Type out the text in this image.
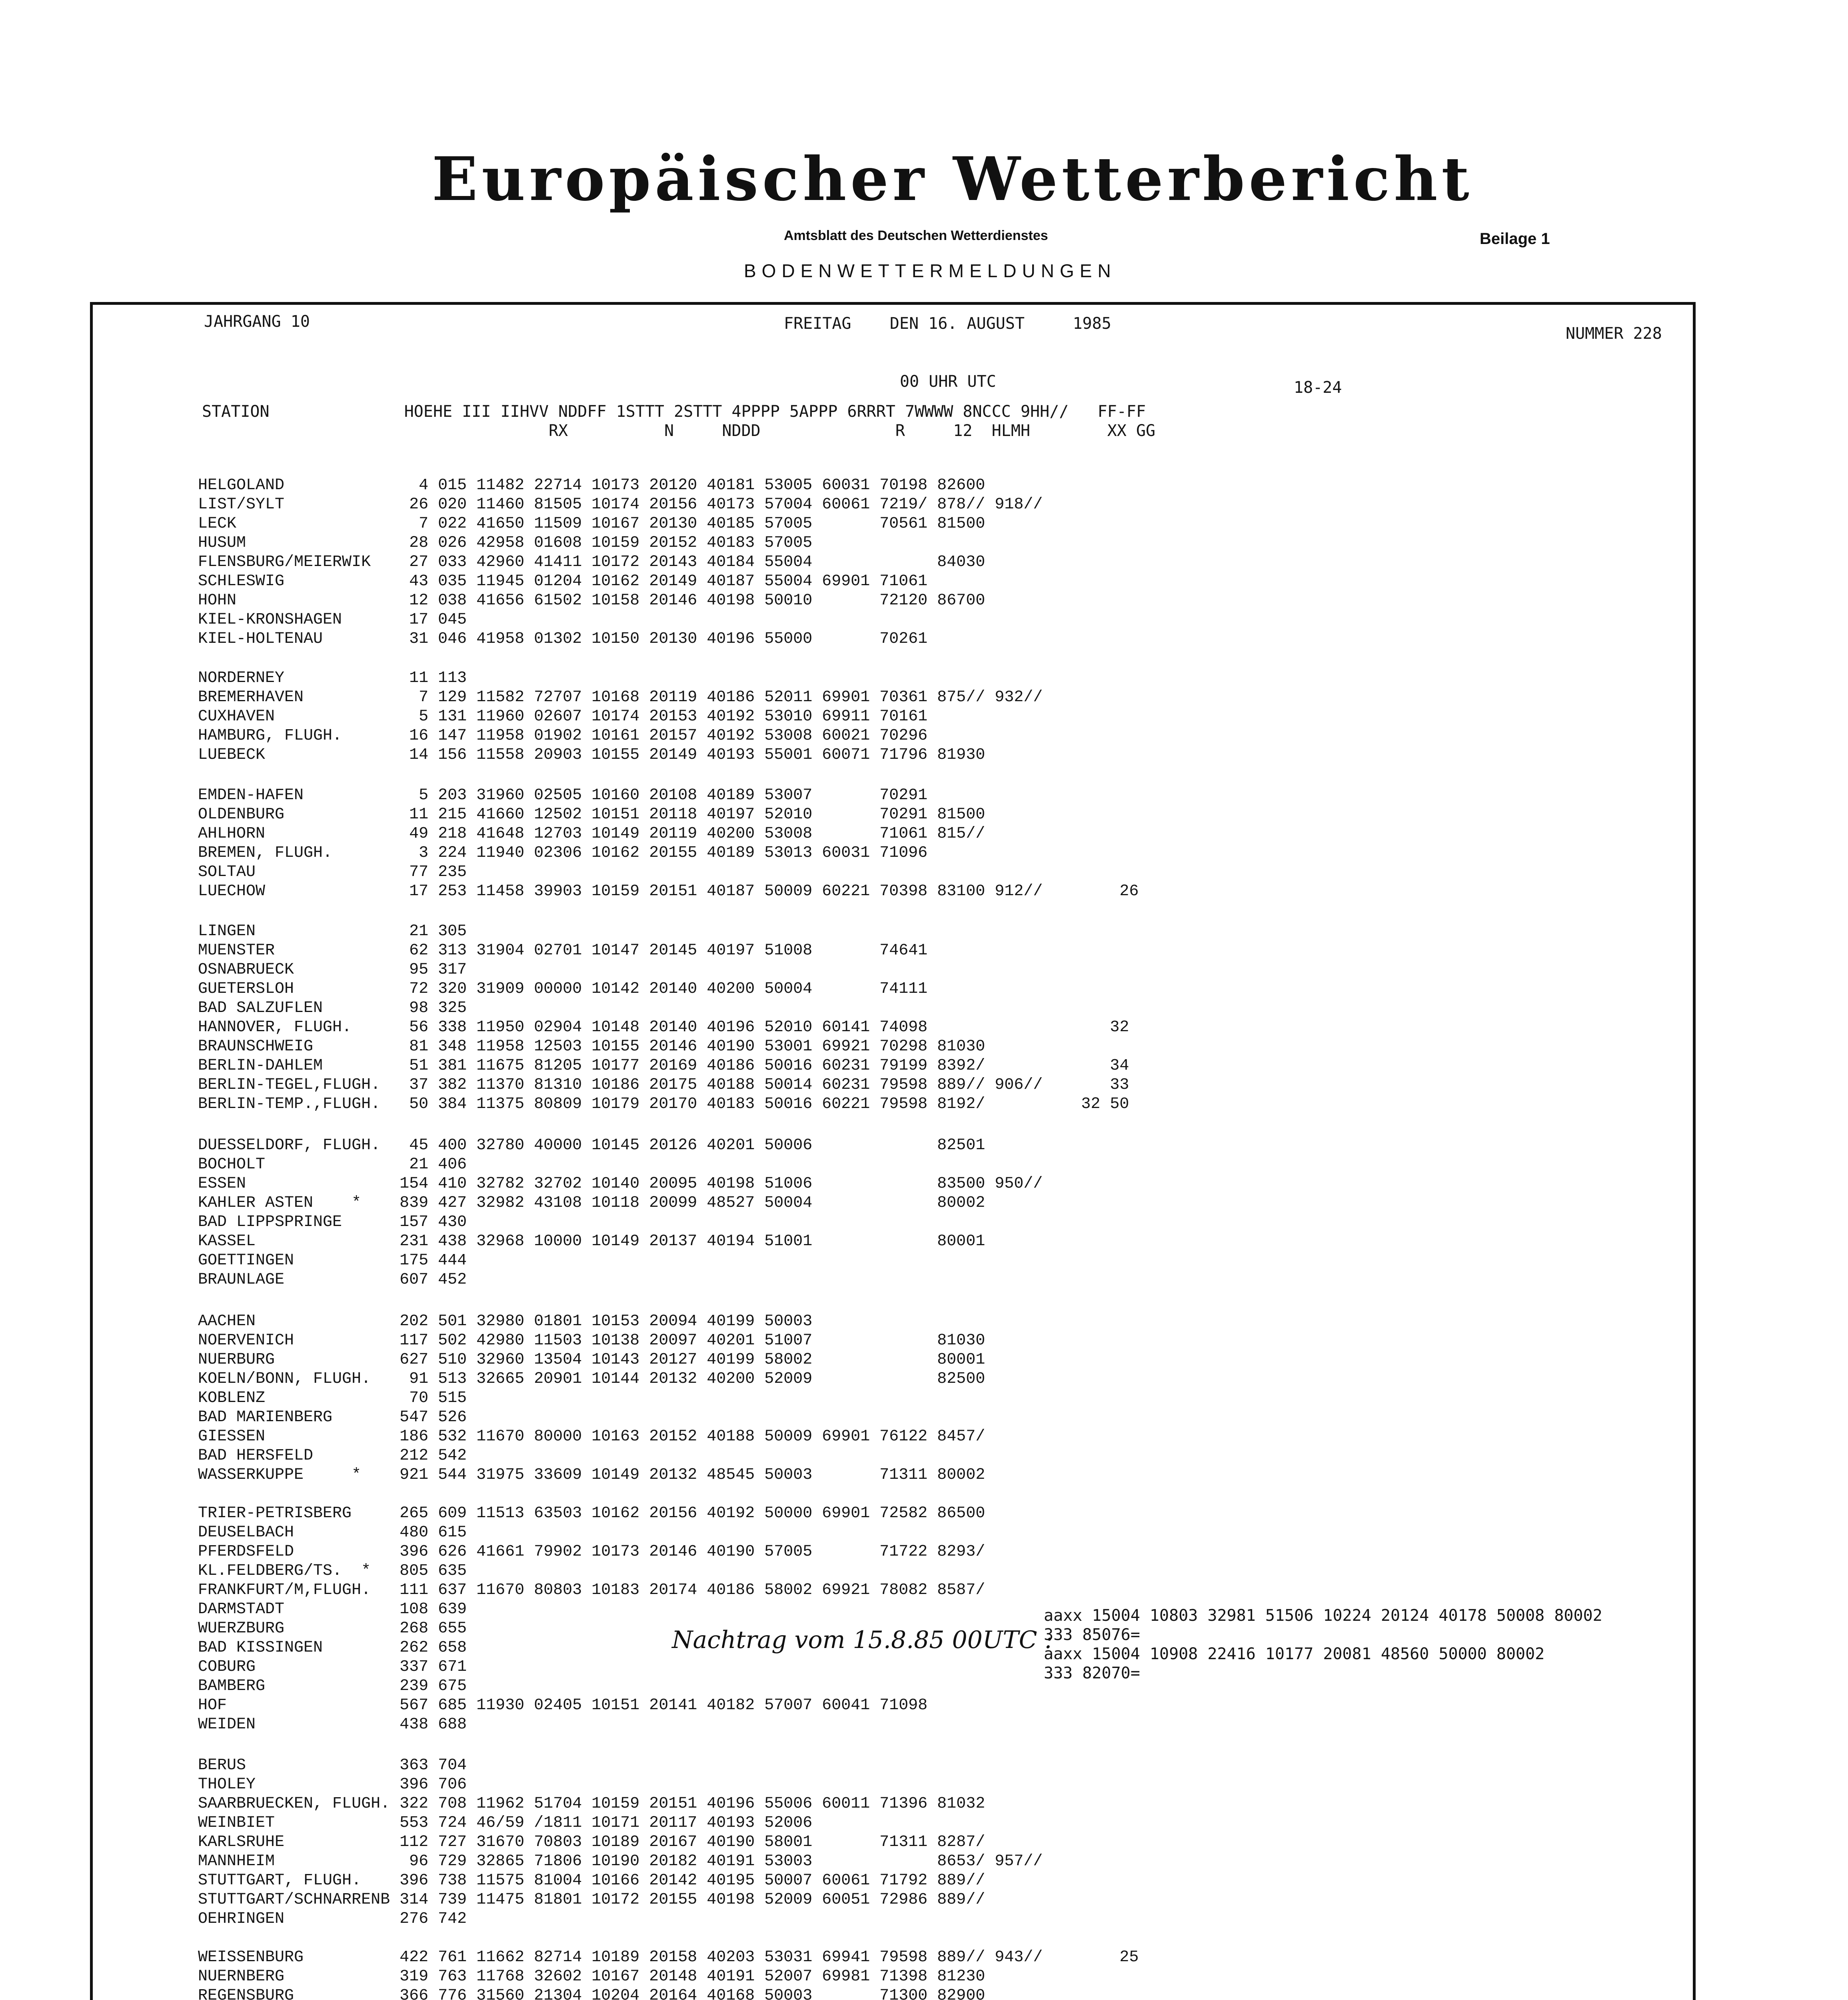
Europäischer Wetterbericht
Amtsblatt des Deutschen Wetterdienstes	Beilage 1
BODENWETTERMELDUNGEN
JAHRGANG 10	FREITAG    DEN 16. AUGUST     1985
NUMMER 228
00 UHR UTC	18-24
STATION              HOEHE III IIHVV NDDFF 1STTT 2STTT 4PPPP 5APPP 6RRRT 7WWWW 8NCCC 9HH//   FF-FF
RX          N     NDDD              R     12  HLMH        XX GG

HELGOLAND              4 015 11482 22714 10173 20120 40181 53005 60031 70198 82600
LIST/SYLT             26 020 11460 81505 10174 20156 40173 57004 60061 7219/ 878// 918//
LECK                   7 022 41650 11509 10167 20130 40185 57005       70561 81500
HUSUM                 28 026 42958 01608 10159 20152 40183 57005
FLENSBURG/MEIERWIK    27 033 42960 41411 10172 20143 40184 55004             84030
SCHLESWIG             43 035 11945 01204 10162 20149 40187 55004 69901 71061
HOHN                  12 038 41656 61502 10158 20146 40198 50010       72120 86700
KIEL-KRONSHAGEN       17 045
KIEL-HOLTENAU         31 046 41958 01302 10150 20130 40196 55000       70261

NORDERNEY             11 113
BREMERHAVEN            7 129 11582 72707 10168 20119 40186 52011 69901 70361 875// 932//
CUXHAVEN               5 131 11960 02607 10174 20153 40192 53010 69911 70161
HAMBURG, FLUGH.       16 147 11958 01902 10161 20157 40192 53008 60021 70296
LUEBECK               14 156 11558 20903 10155 20149 40193 55001 60071 71796 81930

EMDEN-HAFEN            5 203 31960 02505 10160 20108 40189 53007       70291
OLDENBURG             11 215 41660 12502 10151 20118 40197 52010       70291 81500
AHLHORN               49 218 41648 12703 10149 20119 40200 53008       71061 815//
BREMEN, FLUGH.         3 224 11940 02306 10162 20155 40189 53013 60031 71096
SOLTAU                77 235
LUECHOW               17 253 11458 39903 10159 20151 40187 50009 60221 70398 83100 912//        26

LINGEN                21 305
MUENSTER              62 313 31904 02701 10147 20145 40197 51008       74641
OSNABRUECK            95 317
GUETERSLOH            72 320 31909 00000 10142 20140 40200 50004       74111
BAD SALZUFLEN         98 325
HANNOVER, FLUGH.      56 338 11950 02904 10148 20140 40196 52010 60141 74098                   32
BRAUNSCHWEIG          81 348 11958 12503 10155 20146 40190 53001 69921 70298 81030
BERLIN-DAHLEM         51 381 11675 81205 10177 20169 40186 50016 60231 79199 8392/             34
BERLIN-TEGEL,FLUGH.   37 382 11370 81310 10186 20175 40188 50014 60231 79598 889// 906//       33
BERLIN-TEMP.,FLUGH.   50 384 11375 80809 10179 20170 40183 50016 60221 79598 8192/          32 50

DUESSELDORF, FLUGH.   45 400 32780 40000 10145 20126 40201 50006             82501
BOCHOLT               21 406
ESSEN                154 410 32782 32702 10140 20095 40198 51006             83500 950//
KAHLER ASTEN    *    839 427 32982 43108 10118 20099 48527 50004             80002
BAD LIPPSPRINGE      157 430
KASSEL               231 438 32968 10000 10149 20137 40194 51001             80001
GOETTINGEN           175 444
BRAUNLAGE            607 452

AACHEN               202 501 32980 01801 10153 20094 40199 50003
NOERVENICH           117 502 42980 11503 10138 20097 40201 51007             81030
NUERBURG             627 510 32960 13504 10143 20127 40199 58002             80001
KOELN/BONN, FLUGH.    91 513 32665 20901 10144 20132 40200 52009             82500
KOBLENZ               70 515
BAD MARIENBERG       547 526
GIESSEN              186 532 11670 80000 10163 20152 40188 50009 69901 76122 8457/
BAD HERSFELD         212 542
WASSERKUPPE     *    921 544 31975 33609 10149 20132 48545 50003       71311 80002

TRIER-PETRISBERG     265 609 11513 63503 10162 20156 40192 50000 69901 72582 86500
DEUSELBACH           480 615
PFERDSFELD           396 626 41661 79902 10173 20146 40190 57005       71722 8293/
KL.FELDBERG/TS.  *   805 635
FRANKFURT/M,FLUGH.   111 637 11670 80803 10183 20174 40186 58002 69921 78082 8587/
DARMSTADT            108 639
WUERZBURG            268 655
BAD KISSINGEN        262 658
COBURG               337 671
BAMBERG              239 675
HOF                  567 685 11930 02405 10151 20141 40182 57007 60041 71098
WEIDEN               438 688

BERUS                363 704
THOLEY               396 706
SAARBRUECKEN, FLUGH. 322 708 11962 51704 10159 20151 40196 55006 60011 71396 81032
WEINBIET             553 724 46/59 /1811 10171 20117 40193 52006
KARLSRUHE            112 727 31670 70803 10189 20167 40190 58001       71311 8287/
MANNHEIM              96 729 32865 71806 10190 20182 40191 53003             8653/ 957//
STUTTGART, FLUGH.    396 738 11575 81004 10166 20142 40195 50007 60061 71792 889//
STUTTGART/SCHNARRENB 314 739 11475 81801 10172 20155 40198 52009 60051 72986 889//
OEHRINGEN            276 742

WEISSENBURG          422 761 11662 82714 10189 20158 40203 53031 69941 79598 889// 943//        25
NUERNBERG            319 763 11768 32602 10167 20148 40191 52007 69981 71398 81230
REGENSBURG           366 776 31560 21304 10204 20164 40168 50003       71300 82900

Nachtrag vom 15.8.85 00UTC :
aaxx 15004 10803 32981 51506 10224 20124 40178 50008 80002
333 85076=
aaxx 15004 10908 22416 10177 20081 48560 50000 80002
333 82070=
